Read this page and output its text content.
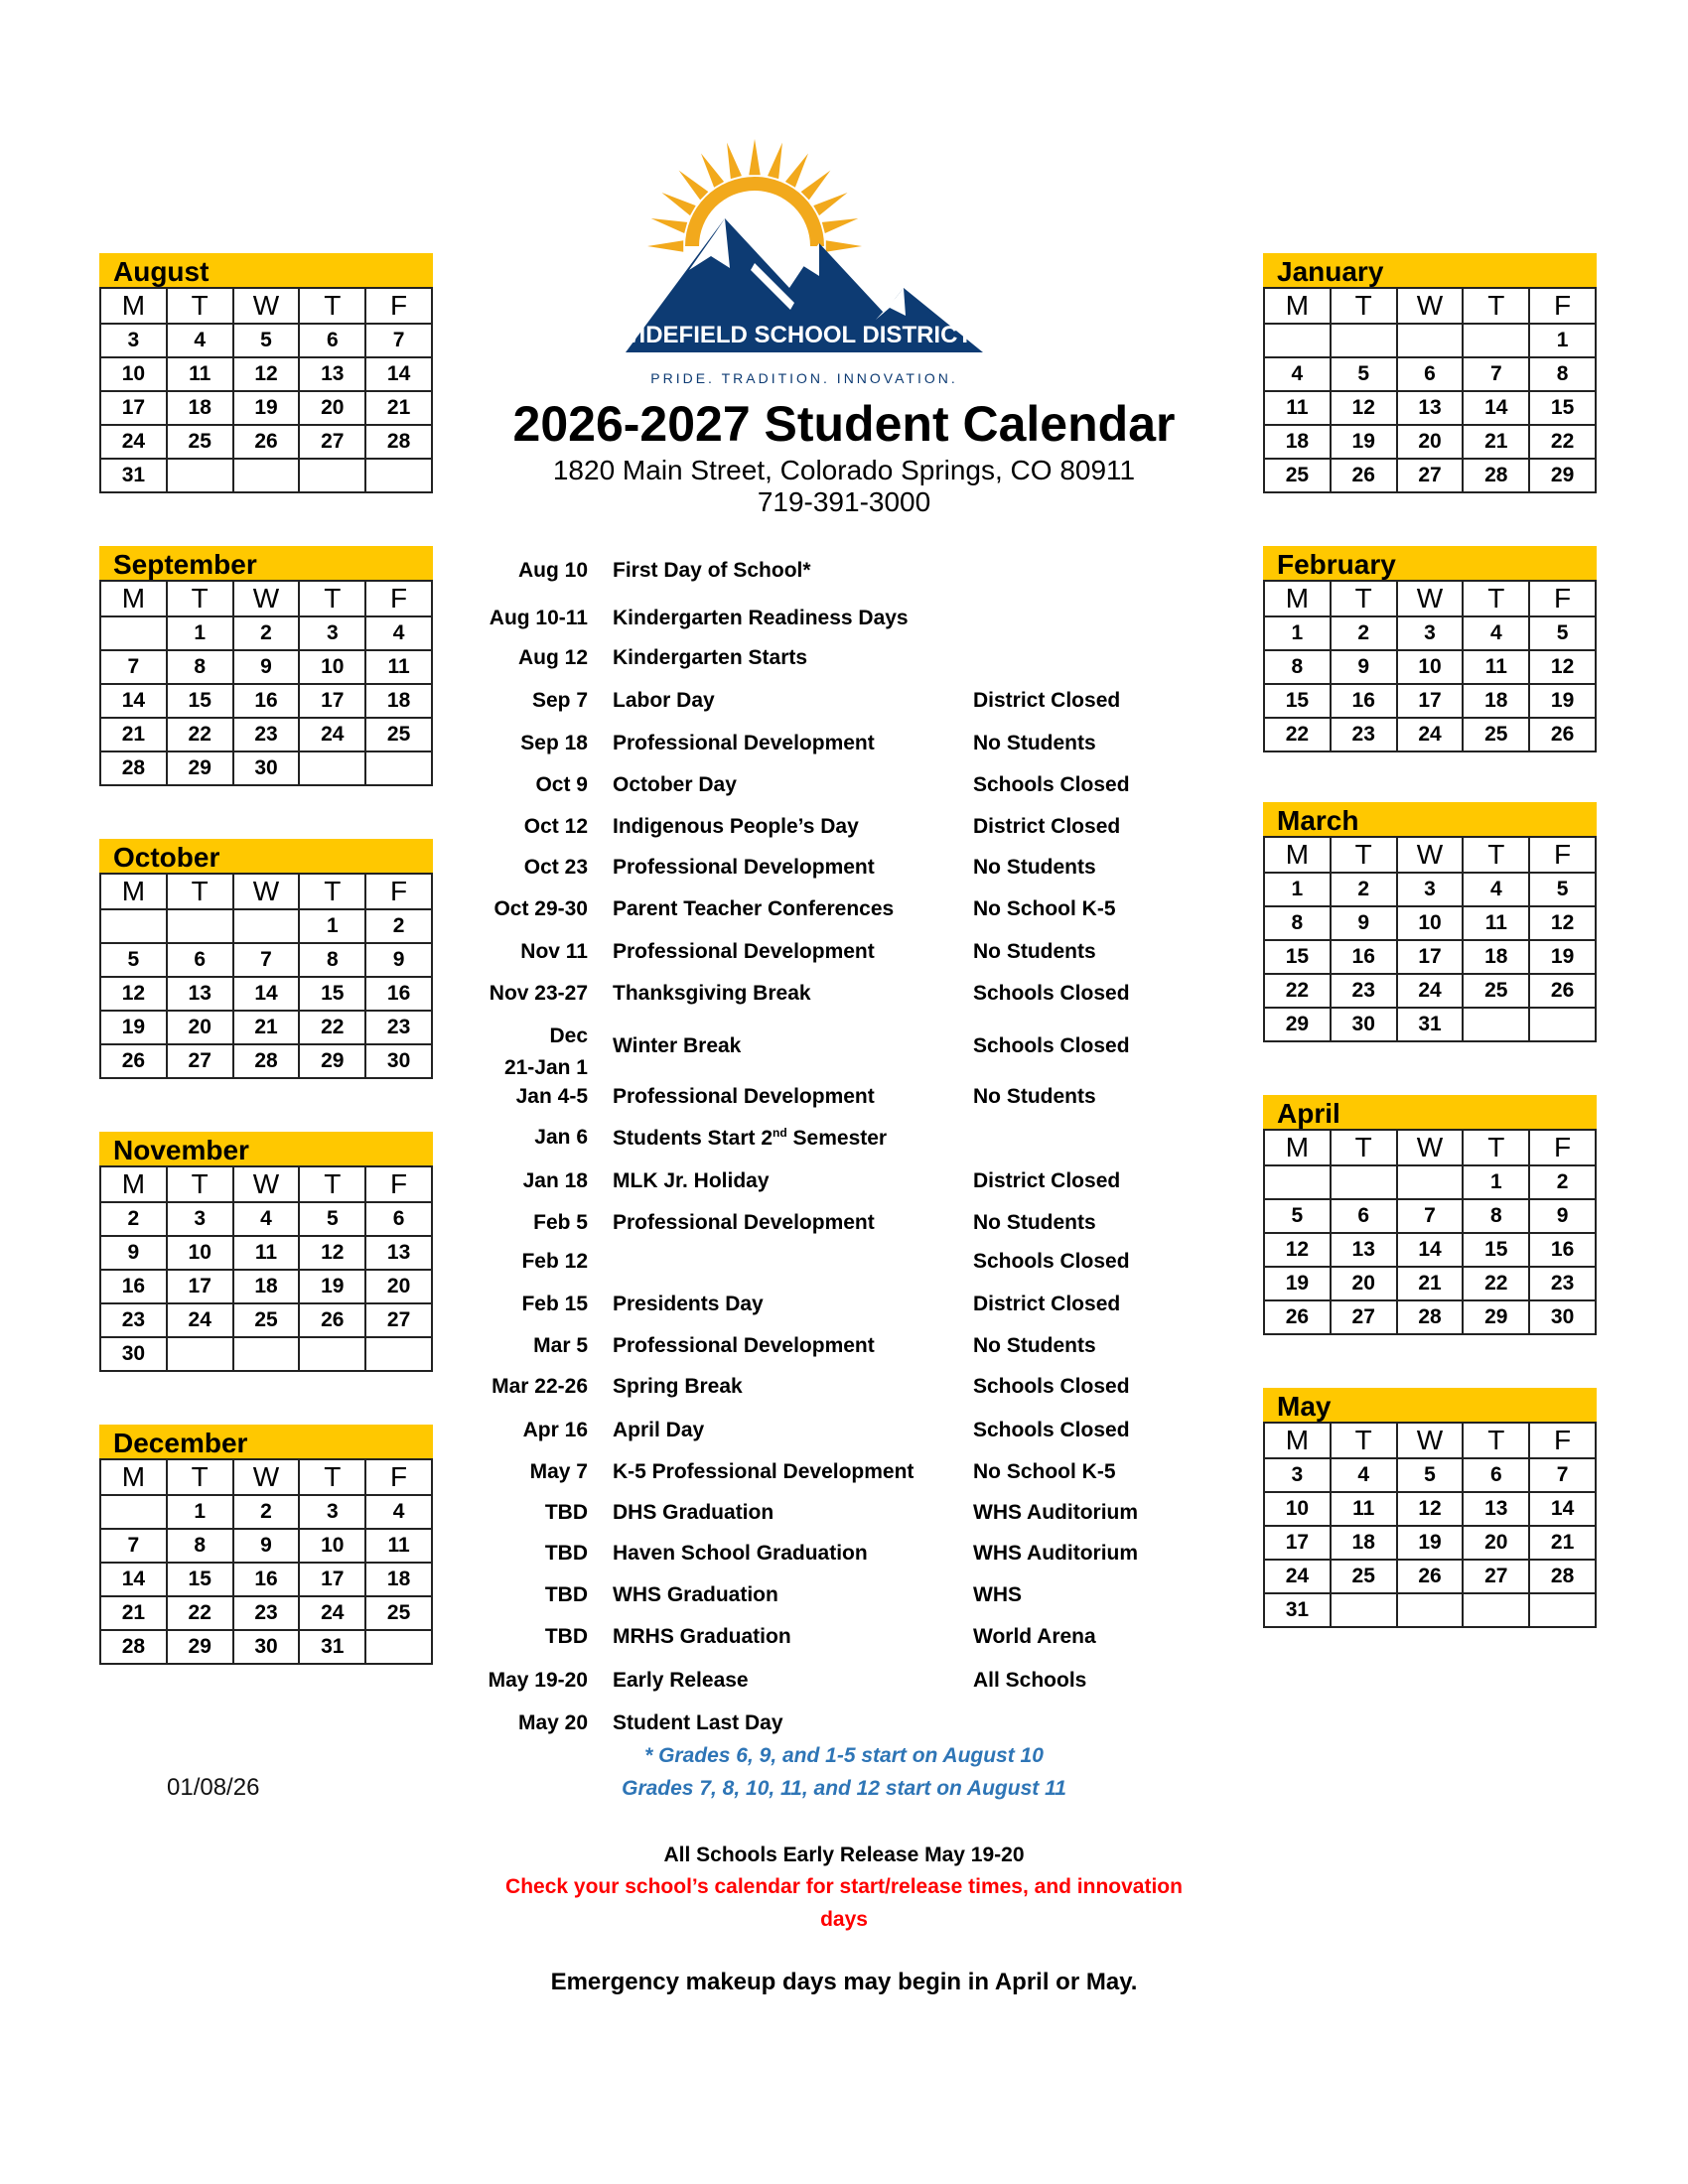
WIDEFIELD SCHOOL DISTRICT 3
PRIDE. TRADITION. INNOVATION.
2026-2027 Student Calendar
1820 Main Street, Colorado Springs, CO 80911
719-391-3000
August
M	T	W	T	F
3	4	5	6	7
10	11	12	13	14
17	18	19	20	21
24	25	26	27	28
31				
September
M	T	W	T	F
	1	2	3	4
7	8	9	10	11
14	15	16	17	18
21	22	23	24	25
28	29	30		
October
M	T	W	T	F
			1	2
5	6	7	8	9
12	13	14	15	16
19	20	21	22	23
26	27	28	29	30
November
M	T	W	T	F
2	3	4	5	6
9	10	11	12	13
16	17	18	19	20
23	24	25	26	27
30				
December
M	T	W	T	F
	1	2	3	4
7	8	9	10	11
14	15	16	17	18
21	22	23	24	25
28	29	30	31	
January
M	T	W	T	F
				1
4	5	6	7	8
11	12	13	14	15
18	19	20	21	22
25	26	27	28	29
February
M	T	W	T	F
1	2	3	4	5
8	9	10	11	12
15	16	17	18	19
22	23	24	25	26
March
M	T	W	T	F
1	2	3	4	5
8	9	10	11	12
15	16	17	18	19
22	23	24	25	26
29	30	31		
April
M	T	W	T	F
			1	2
5	6	7	8	9
12	13	14	15	16
19	20	21	22	23
26	27	28	29	30
May
M	T	W	T	F
3	4	5	6	7
10	11	12	13	14
17	18	19	20	21
24	25	26	27	28
31				
Aug 10 First Day of School*
Aug 10-11 Kindergarten Readiness Days
Aug 12 Kindergarten Starts
Sep 7 Labor Day	District Closed
Sep 18 Professional Development	No Students
Oct 9 October Day	Schools Closed
Oct 12 Indigenous People’s Day	District Closed
Oct 23 Professional Development	No Students
Oct 29-30 Parent Teacher Conferences	No School K-5
Nov 11 Professional Development	No Students
Nov 23-27 Thanksgiving Break	Schools Closed
Dec
21-Jan 1
Winter Break	Schools Closed
Jan 4-5 Professional Development	No Students
Jan 6 Students Start 2nd Semester
Jan 18 MLK Jr. Holiday	District Closed
Feb 5 Professional Development	No Students
Feb 12	Schools Closed
Feb 15 Presidents Day	District Closed
Mar 5 Professional Development	No Students
Mar 22-26 Spring Break	Schools Closed
Apr 16 April Day	Schools Closed
May 7 K-5 Professional Development	No School K-5
TBD DHS Graduation	WHS Auditorium
TBD Haven School Graduation	WHS Auditorium
TBD WHS Graduation	WHS
TBD MRHS Graduation	World Arena
May 19-20 Early Release	All Schools
May 20 Student Last Day
* Grades 6, 9, and 1-5 start on August 10
Grades 7, 8, 10, 11, and 12 start on August 11
01/08/26
All Schools Early Release May 19-20
Check your school’s calendar for start/release times, and innovation
days
Emergency makeup days may begin in April or May.
